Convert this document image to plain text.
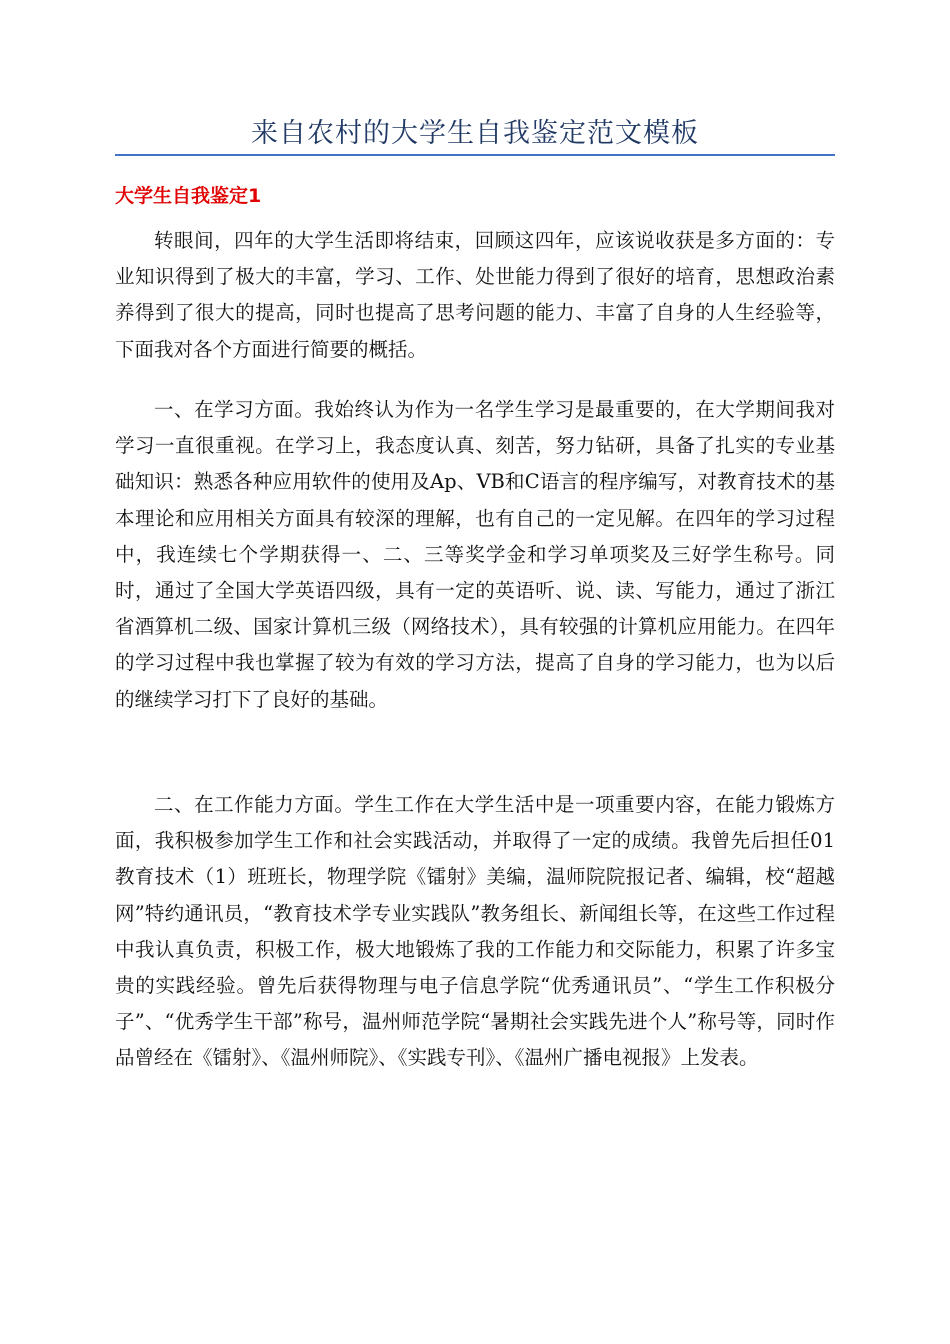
来自农村的大学生自我鉴定范文模板
大学生自我鉴定1

转眼间，四年的大学生活即将结束，回顾这四年，应该说收获是多方面的：专业知识得到了极大的丰富，学习、工作、处世能力得到了很好的培育，思想政治素养得到了很大的提高，同时也提高了思考问题的能力、丰富了自身的人生经验等，下面我对各个方面进行简要的概括。

一、在学习方面。我始终认为作为一名学生学习是最重要的，在大学期间我对学习一直很重视。在学习上，我态度认真、刻苦，努力钻研，具备了扎实的专业基础知识：熟悉各种应用软件的使用及Ap、VB和C语言的程序编写，对教育技术的基本理论和应用相关方面具有较深的理解，也有自己的一定见解。在四年的学习过程中，我连续七个学期获得一、二、三等奖学金和学习单项奖及三好学生称号。同时，通过了全国大学英语四级，具有一定的英语听、说、读、写能力，通过了浙江省酒算机二级、国家计算机三级（网络技术），具有较强的计算机应用能力。在四年的学习过程中我也掌握了较为有效的学习方法，提高了自身的学习能力，也为以后的继续学习打下了良好的基础。

二、在工作能力方面。学生工作在大学生活中是一项重要内容，在能力锻炼方面，我积极参加学生工作和社会实践活动，并取得了一定的成绩。我曾先后担任01教育技术（1）班班长，物理学院《镭射》美编，温师院院报记者、编辑，校“超越网”特约通讯员，“教育技术学专业实践队”教务组长、新闻组长等，在这些工作过程中我认真负责，积极工作，极大地锻炼了我的工作能力和交际能力，积累了许多宝贵的实践经验。曾先后获得物理与电子信息学院“优秀通讯员”、“学生工作积极分子”、“优秀学生干部”称号，温州师范学院“暑期社会实践先进个人”称号等，同时作品曾经在《镭射》、《温州师院》、《实践专刊》、《温州广播电视报》上发表。
